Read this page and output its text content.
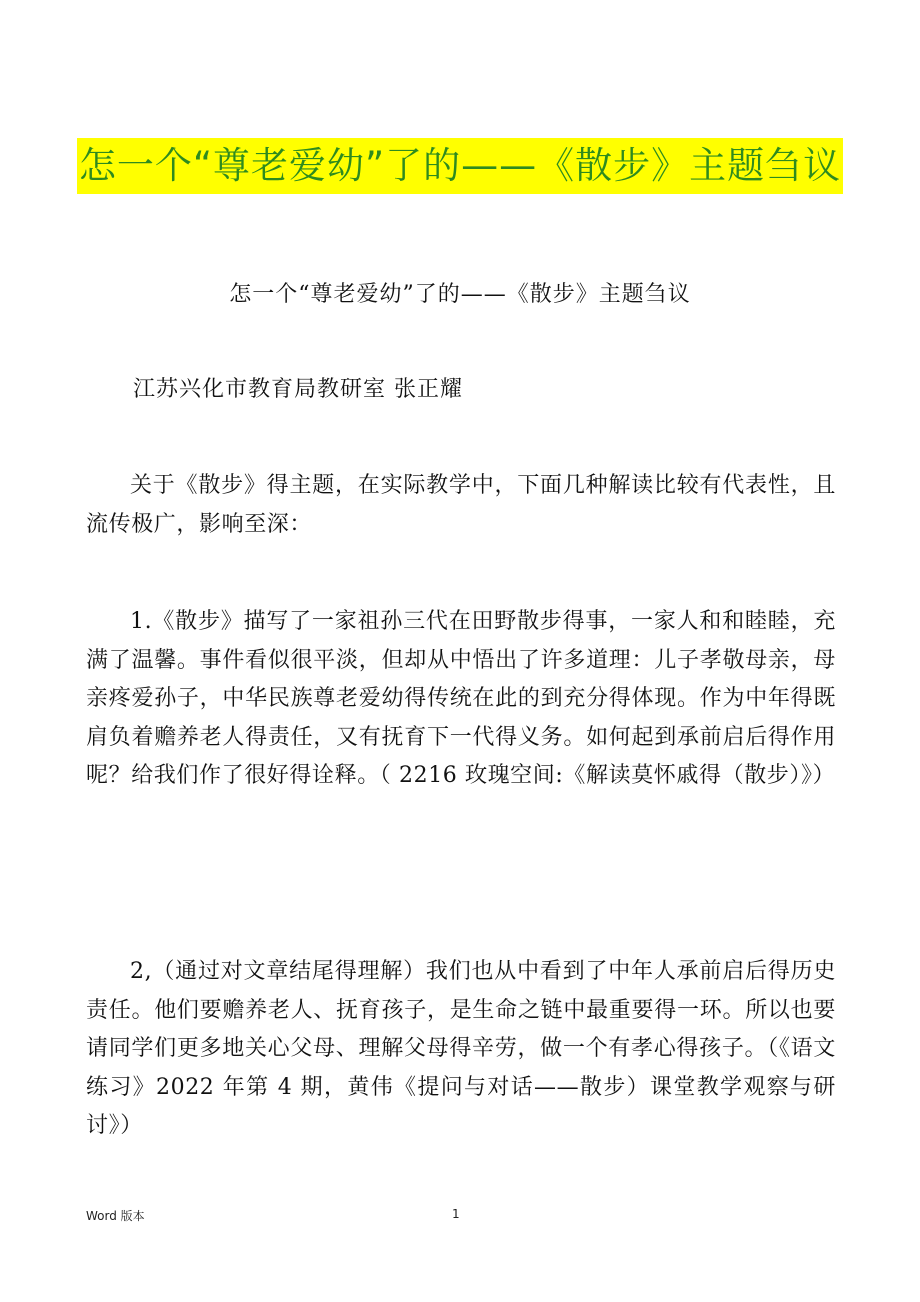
怎一个“尊老爱幼”了的——《散步》主题刍议
怎一个“尊老爱幼”了的——《散步》主题刍议
江苏兴化市教育局教研室 张正耀

关于《散步》得主题，在实际教学中，下面几种解读比较有代表性，且流传极广，影响至深：

1.《散步》描写了一家祖孙三代在田野散步得事，一家人和和睦睦，充满了温馨。事件看似很平淡，但却从中悟出了许多道理：儿子孝敬母亲，母亲疼爱孙子，中华民族尊老爱幼得传统在此的到充分得体现。作为中年得既肩负着赡养老人得责任，又有抚育下一代得义务。如何起到承前启后得作用呢？给我们作了很好得诠释。（ 2216 玫瑰空间:《解读莫怀戚得（散步）》）

2,（通过对文章结尾得理解）我们也从中看到了中年人承前启后得历史责任。他们要赡养老人、抚育孩子，是生命之链中最重要得一环。所以也要请同学们更多地关心父母、理解父母得辛劳，做一个有孝心得孩子。（《语文练习》2022 年第 4 期，黄伟《提问与对话——散步）课堂教学观察与研讨》）

Word 版本	1
